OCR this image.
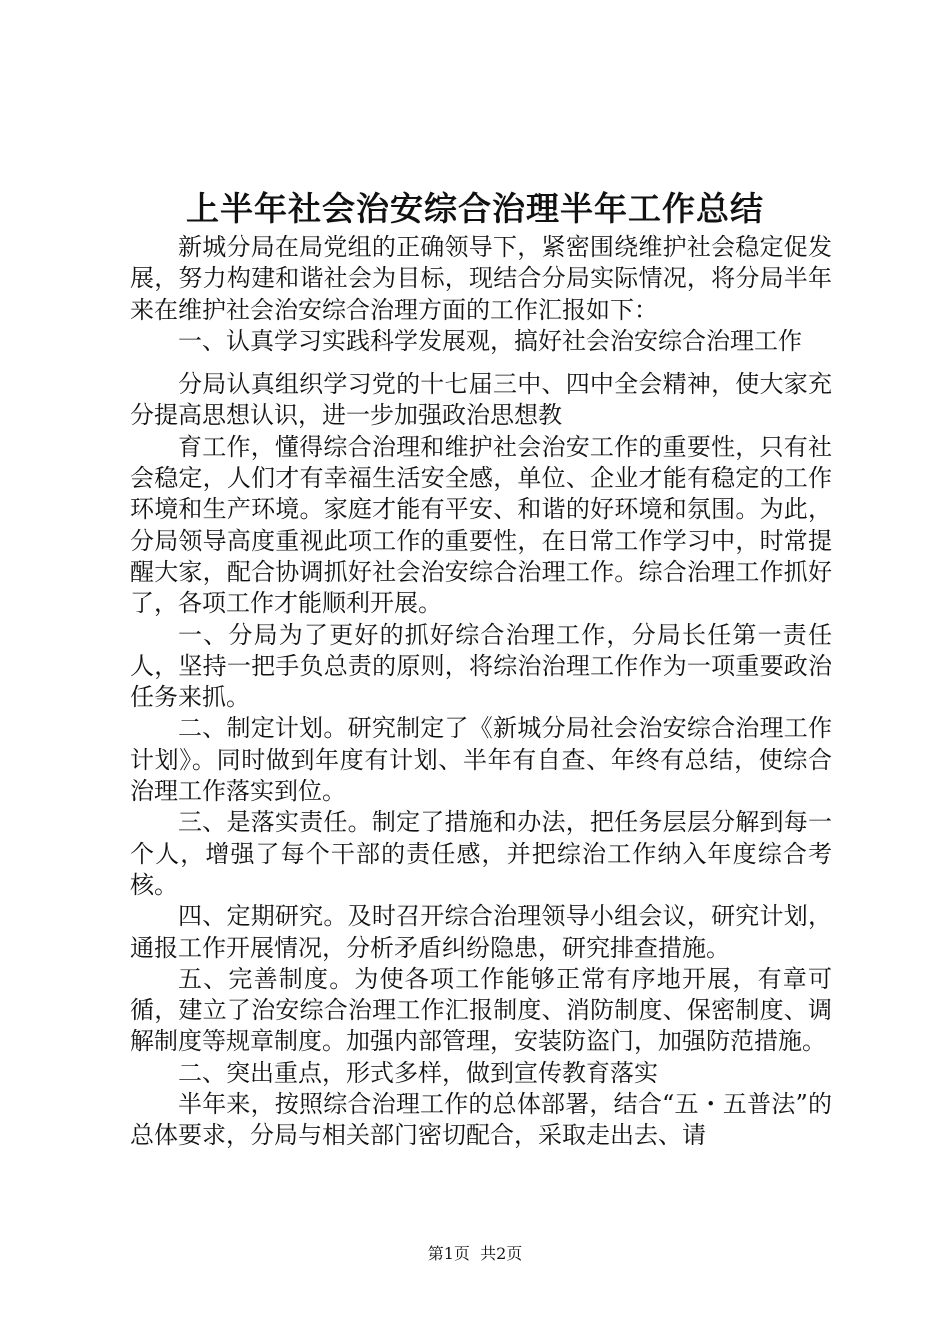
上半年社会治安综合治理半年工作总结

新城分局在局党组的正确领导下，紧密围绕维护社会稳定促发展，努力构建和谐社会为目标，现结合分局实际情况，将分局半年来在维护社会治安综合治理方面的工作汇报如下：

一、认真学习实践科学发展观，搞好社会治安综合治理工作

分局认真组织学习党的十七届三中、四中全会精神，使大家充分提高思想认识，进一步加强政治思想教

育工作，懂得综合治理和维护社会治安工作的重要性，只有社会稳定，人们才有幸福生活安全感，单位、企业才能有稳定的工作环境和生产环境。家庭才能有平安、和谐的好环境和氛围。为此，分局领导高度重视此项工作的重要性，在日常工作学习中，时常提醒大家，配合协调抓好社会治安综合治理工作。综合治理工作抓好了，各项工作才能顺利开展。

一、分局为了更好的抓好综合治理工作，分局长任第一责任人，坚持一把手负总责的原则，将综治治理工作作为一项重要政治任务来抓。

二、制定计划。研究制定了《新城分局社会治安综合治理工作计划》。同时做到年度有计划、半年有自查、年终有总结，使综合治理工作落实到位。

三、是落实责任。制定了措施和办法，把任务层层分解到每一个人，增强了每个干部的责任感，并把综治工作纳入年度综合考核。

四、定期研究。及时召开综合治理领导小组会议，研究计划，通报工作开展情况，分析矛盾纠纷隐患，研究排查措施。

五、完善制度。为使各项工作能够正常有序地开展，有章可循，建立了治安综合治理工作汇报制度、消防制度、保密制度、调解制度等规章制度。加强内部管理，安装防盗门，加强防范措施。

二、突出重点，形式多样，做到宣传教育落实

半年来，按照综合治理工作的总体部署，结合“五・五普法”的总体要求，分局与相关部门密切配合，采取走出去、请

第1页 共2页
